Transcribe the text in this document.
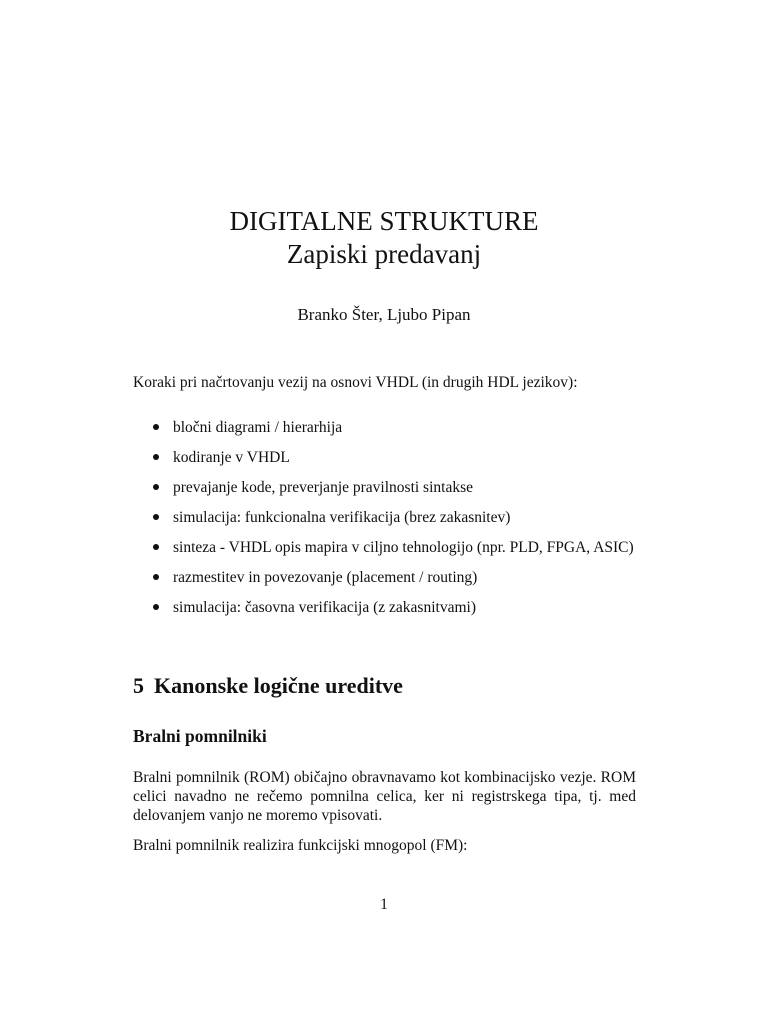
DIGITALNE STRUKTURE

Zapiski predavanj

Branko Šter, Ljubo Pipan
Koraki pri načrtovanju vezij na osnovi VHDL (in drugih HDL jezikov):
bločni diagrami / hierarhija
kodiranje v VHDL
prevajanje kode, preverjanje pravilnosti sintakse
simulacija: funkcionalna verifikacija (brez zakasnitev)
sinteza - VHDL opis mapira v ciljno tehnologijo (npr. PLD, FPGA, ASIC)
razmestitev in povezovanje (placement / routing)
simulacija: časovna verifikacija (z zakasnitvami)
5 Kanonske logične ureditve
Bralni pomnilniki
Bralni pomnilnik (ROM) običajno obravnavamo kot kombinacijsko vezje. ROM celici navadno ne rečemo pomnilna celica, ker ni registrskega tipa, tj. med delovanjem vanjo ne moremo vpisovati.
Bralni pomnilnik realizira funkcijski mnogopol (FM):
1
